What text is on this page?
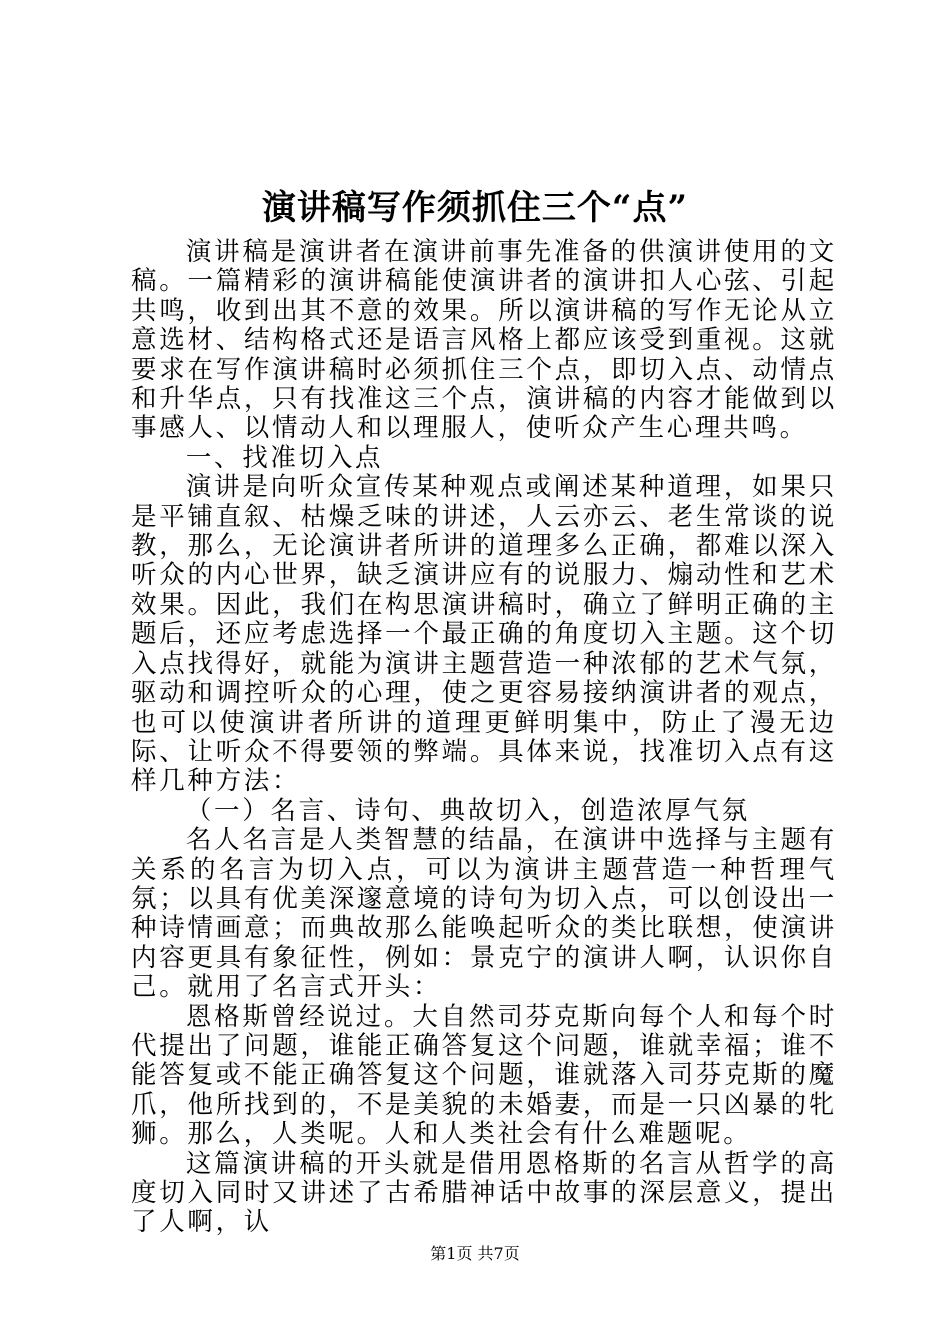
演讲稿写作须抓住三个“点”

演讲稿是演讲者在演讲前事先准备的供演讲使用的文稿。一篇精彩的演讲稿能使演讲者的演讲扣人心弦、引起共鸣，收到出其不意的效果。所以演讲稿的写作无论从立意选材、结构格式还是语言风格上都应该受到重视。这就要求在写作演讲稿时必须抓住三个点，即切入点、动情点和升华点，只有找准这三个点，演讲稿的内容才能做到以事感人、以情动人和以理服人，使听众产生心理共鸣。

一、找准切入点

演讲是向听众宣传某种观点或阐述某种道理，如果只是平铺直叙、枯燥乏味的讲述，人云亦云、老生常谈的说教，那么，无论演讲者所讲的道理多么正确，都难以深入听众的内心世界，缺乏演讲应有的说服力、煽动性和艺术效果。因此，我们在构思演讲稿时，确立了鲜明正确的主题后，还应考虑选择一个最正确的角度切入主题。这个切入点找得好，就能为演讲主题营造一种浓郁的艺术气氛，驱动和调控听众的心理，使之更容易接纳演讲者的观点，也可以使演讲者所讲的道理更鲜明集中，防止了漫无边际、让听众不得要领的弊端。具体来说，找准切入点有这样几种方法：

（一）名言、诗句、典故切入，创造浓厚气氛

名人名言是人类智慧的结晶，在演讲中选择与主题有关系的名言为切入点，可以为演讲主题营造一种哲理气氛；以具有优美深邃意境的诗句为切入点，可以创设出一种诗情画意；而典故那么能唤起听众的类比联想，使演讲内容更具有象征性，例如：景克宁的演讲人啊，认识你自己。就用了名言式开头：

恩格斯曾经说过。大自然司芬克斯向每个人和每个时代提出了问题，谁能正确答复这个问题，谁就幸福；谁不能答复或不能正确答复这个问题，谁就落入司芬克斯的魔爪，他所找到的，不是美貌的未婚妻，而是一只凶暴的牝狮。那么，人类呢。人和人类社会有什么难题呢。

这篇演讲稿的开头就是借用恩格斯的名言从哲学的高度切入同时又讲述了古希腊神话中故事的深层意义，提出了人啊，认

第1页 共7页
